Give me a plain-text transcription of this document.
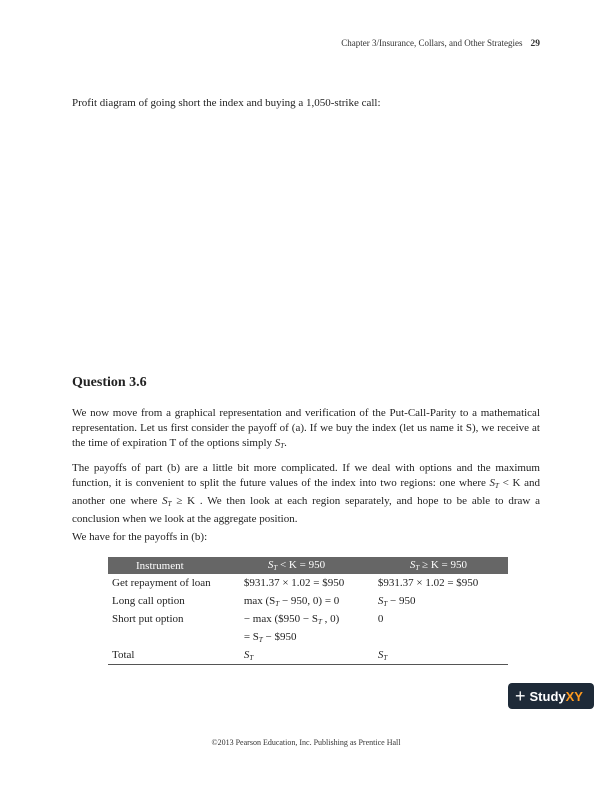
Chapter 3/Insurance, Collars, and Other Strategies 29
Profit diagram of going short the index and buying a 1,050-strike call:
Question 3.6
We now move from a graphical representation and verification of the Put-Call-Parity to a mathematical representation. Let us first consider the payoff of (a). If we buy the index (let us name it S), we receive at the time of expiration T of the options simply $S_T$.
The payoffs of part (b) are a little bit more complicated. If we deal with options and the maximum function, it is convenient to split the future values of the index into two regions: one where $S_T < K$ and another one where $S_T \ge K$ . We then look at each region separately, and hope to be able to draw a conclusion when we look at the aggregate position.
We have for the payoffs in (b):
Instrument	$S_T < K = 950$	$S_T \ge K = 950$
Get repayment of loan	$931.37 × 1.02 = $950	$931.37 × 1.02 = $950
Long call option	$\max (S_T - 950$, 0) = 0	$S_T - 950$
Short put option	− max ($950 − $S_T$ , 0)	0
	= $S_T$ − $950	
Total	$S_T$	$S_T$
+ Study XY
©2013 Pearson Education, Inc. Publishing as Prentice Hall
